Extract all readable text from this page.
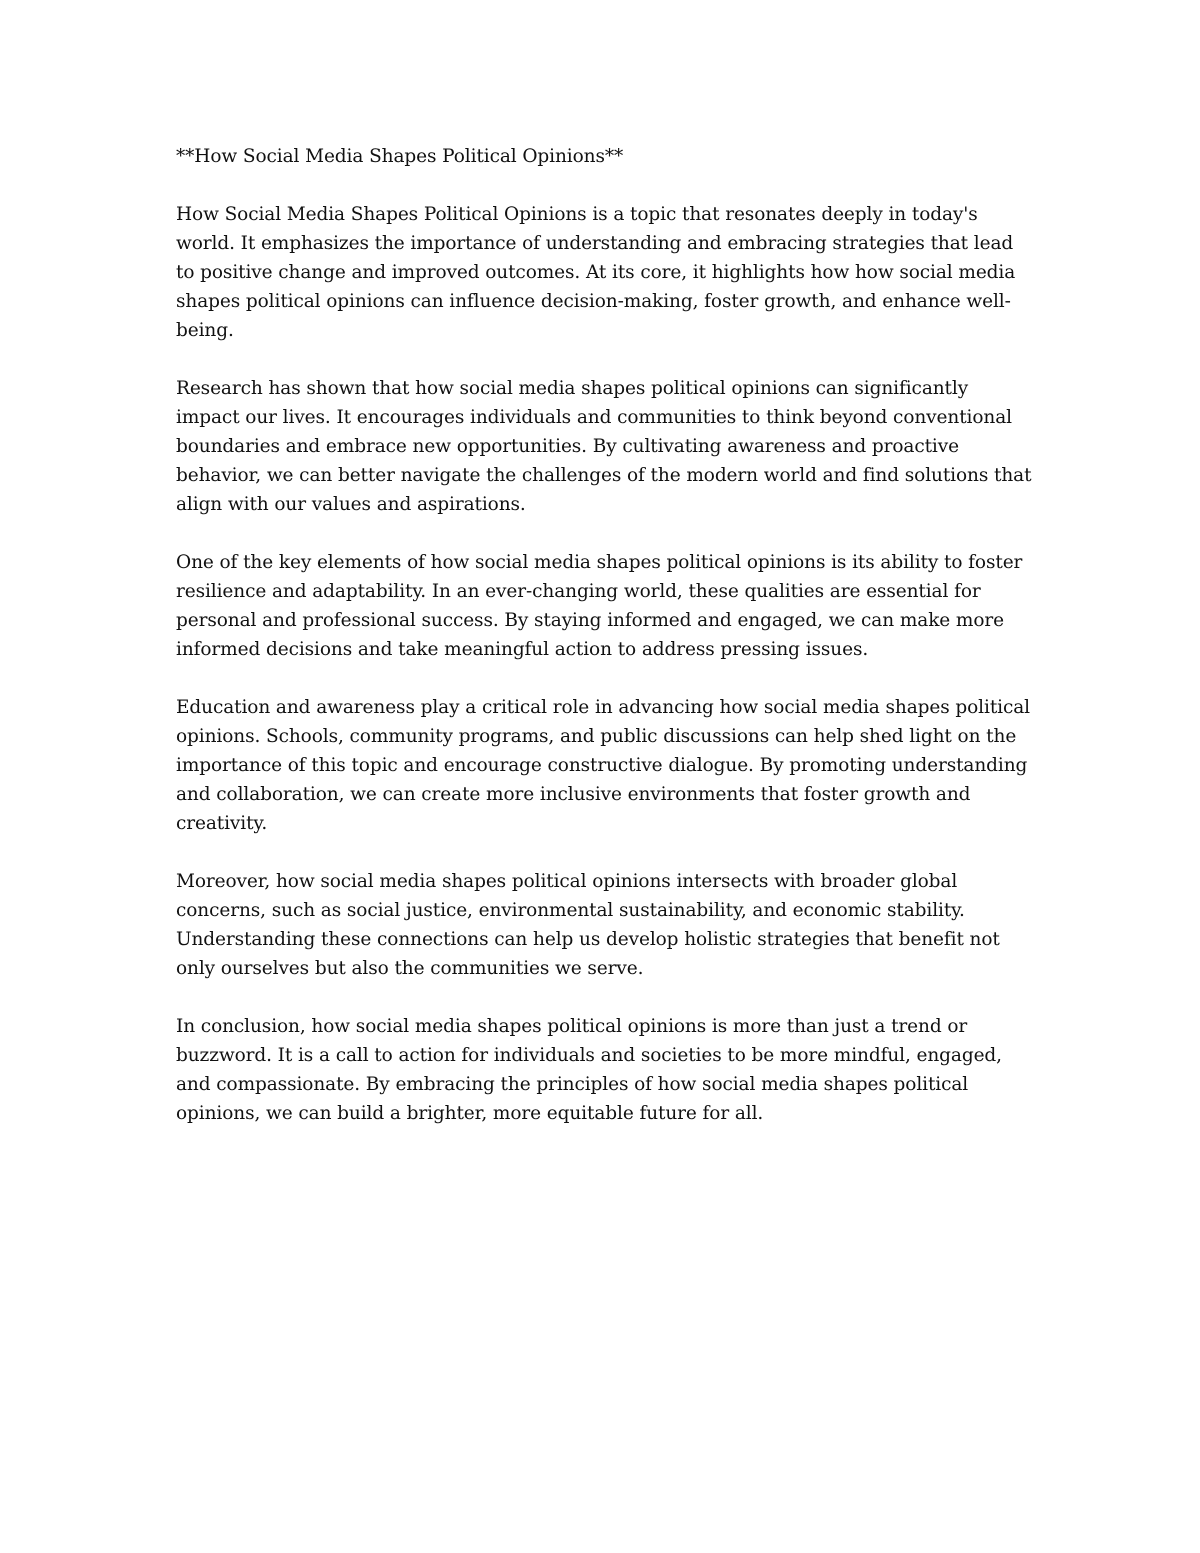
**How Social Media Shapes Political Opinions**

How Social Media Shapes Political Opinions is a topic that resonates deeply in today's world. It emphasizes the importance of understanding and embracing strategies that lead to positive change and improved outcomes. At its core, it highlights how how social media shapes political opinions can influence decision-making, foster growth, and enhance well-being.

Research has shown that how social media shapes political opinions can significantly impact our lives. It encourages individuals and communities to think beyond conventional boundaries and embrace new opportunities. By cultivating awareness and proactive behavior, we can better navigate the challenges of the modern world and find solutions that align with our values and aspirations.

One of the key elements of how social media shapes political opinions is its ability to foster resilience and adaptability. In an ever-changing world, these qualities are essential for personal and professional success. By staying informed and engaged, we can make more informed decisions and take meaningful action to address pressing issues.

Education and awareness play a critical role in advancing how social media shapes political opinions. Schools, community programs, and public discussions can help shed light on the importance of this topic and encourage constructive dialogue. By promoting understanding and collaboration, we can create more inclusive environments that foster growth and creativity.

Moreover, how social media shapes political opinions intersects with broader global concerns, such as social justice, environmental sustainability, and economic stability. Understanding these connections can help us develop holistic strategies that benefit not only ourselves but also the communities we serve.

In conclusion, how social media shapes political opinions is more than just a trend or buzzword. It is a call to action for individuals and societies to be more mindful, engaged, and compassionate. By embracing the principles of how social media shapes political opinions, we can build a brighter, more equitable future for all.
